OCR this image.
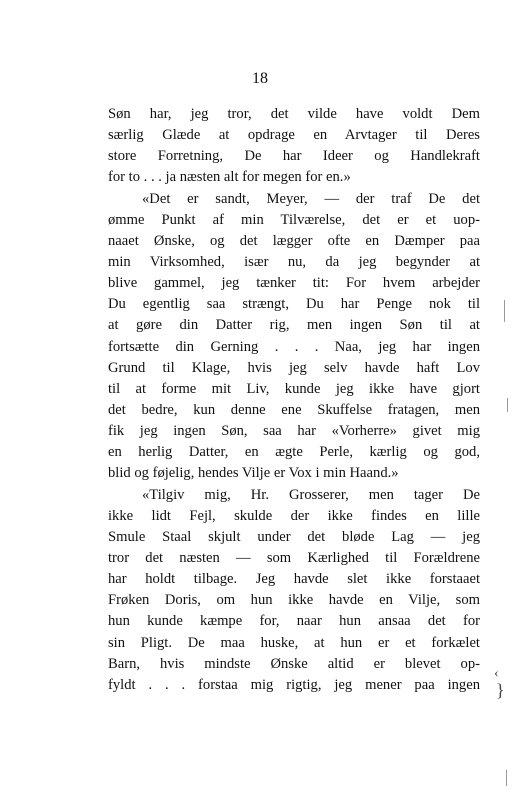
18
Søn har, jeg tror, det vilde have voldt Dem
særlig Glæde at opdrage en Arvtager til Deres
store Forretning, De har Ideer og Handlekraft
for to . . . ja næsten alt for megen for en.»
«Det er sandt, Meyer, — der traf De det
ømme Punkt af min Tilværelse, det er et uop-
naaet Ønske, og det lægger ofte en Dæmper paa
min Virksomhed, især nu, da jeg begynder at
blive gammel, jeg tænker tit: For hvem arbejder
Du egentlig saa strængt, Du har Penge nok til
at gøre din Datter rig, men ingen Søn til at
fortsætte din Gerning . . . Naa, jeg har ingen
Grund til Klage, hvis jeg selv havde haft Lov
til at forme mit Liv, kunde jeg ikke have gjort
det bedre, kun denne ene Skuffelse fratagen, men
fik jeg ingen Søn, saa har «Vorherre» givet mig
en herlig Datter, en ægte Perle, kærlig og god,
blid og føjelig, hendes Vilje er Vox i min Haand.»
«Tilgiv mig, Hr. Grosserer, men tager De
ikke lidt Fejl, skulde der ikke findes en lille
Smule Staal skjult under det bløde Lag — jeg
tror det næsten — som Kærlighed til Forældrene
har holdt tilbage. Jeg havde slet ikke forstaaet
Frøken Doris, om hun ikke havde en Vilje, som
hun kunde kæmpe for, naar hun ansaa det for
sin Pligt. De maa huske, at hun er et forkælet
Barn, hvis mindste Ønske altid er blevet op-
fyldt . . . forstaa mig rigtig, jeg mener paa ingen
‹
}
